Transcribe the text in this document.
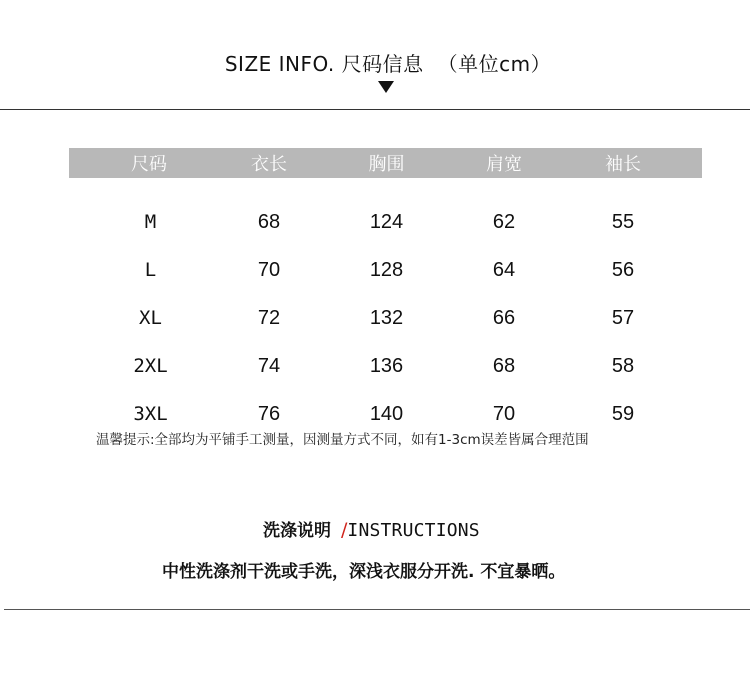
SIZE INFO. 尺码信息 （单位cm）
尺码	衣长	胸围	肩宽	袖长
M	68	124	62	55
L	70	128	64	56
XL	72	132	66	57
2XL	74	136	68	58
3XL	76	140	70	59
温馨提示:全部均为平铺手工测量，因测量方式不同，如有1-3cm误差皆属合理范围
洗涤说明 /INSTRUCTIONS
中性洗涤剂干洗或手洗，深浅衣服分开洗. 不宜暴晒。
